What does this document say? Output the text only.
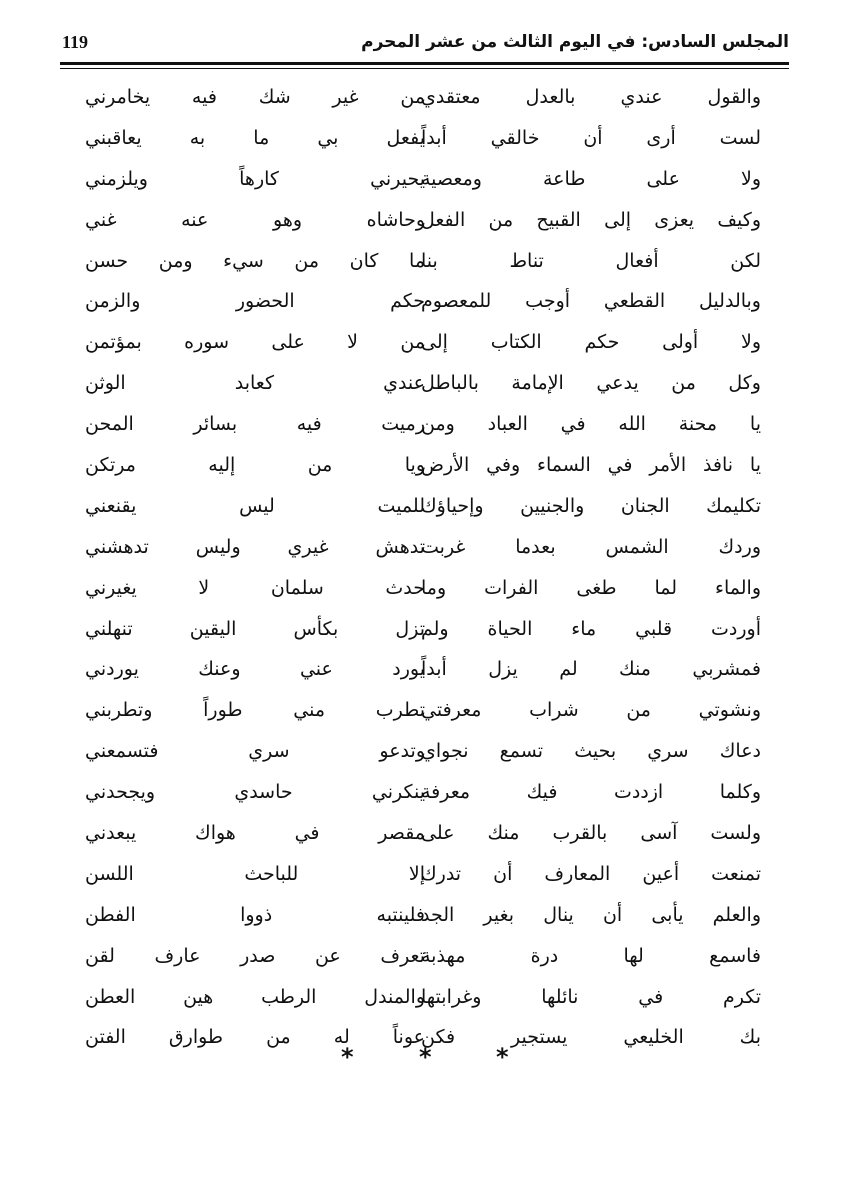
المجلس السادس: في اليوم الثالث من عشر المحرم
119
والقول عندي بالعدل معتقدي
لست أرى أن خالقي أبداً
ولا على طاعة ومعصية
وكيف يعزى إلى القبيح من الفعل
لكن أفعال تناط بنا
وبالدليل القطعي أوجب للمعصوم
ولا أولى حكم الكتاب إلى
وكل من يدعي الإمامة بالباطل
يا محنة الله في العباد ومن
يا نافذ الأمر في السماء وفي الأرض
تكليمك الجنان والجنيين وإحياؤك
وردك الشمس بعدما غربت
والماء لما طغى الفرات وما
أوردت قلبي ماء الحياة ولم
فمشربي منك لم يزل أبداً
ونشوتي من شراب معرفتي
دعاك سري بحيث تسمع نجواي
وكلما ازددت فيك معرفة
ولست آسى بالقرب منك على
تمنعت أعين المعارف أن تدرك
والعلم يأبى أن ينال بغير الجد
فاسمع لها درة مهذبة
تكرم في نائلها وغرابتها
بك الخليعي يستجير فكن
من غير شك فيه يخامرني
يفعل بي ما به يعاقبني
يحيرني كارهاً ويلزمني
وحاشاه وهو عنه غني
ما كان من سيء ومن حسن
حكم الحضور والزمن
من لا على سوره بمؤتمن
عندي كعابد الوثن
رميت فيه بسائر المحن
ويا من إليه مرتكن
للميت ليس يقنعني
تدهش غيري وليس تدهشني
حدث سلمان لا يغيرني
تزل بكأس اليقين تنهلني
يورد عني وعنك يوردني
تطرب مني طوراً وتطربني
وتدعو سري فتسمعني
ينكرني حاسدي ويجحدني
مقصر في هواك يبعدني
إلا للباحث اللسن
فلينتبه ذووا الفطن
تعرف عن صدر عارف لقن
والمندل الرطب هين العطن
عوناً له من طوارق الفتن
*
*
*
